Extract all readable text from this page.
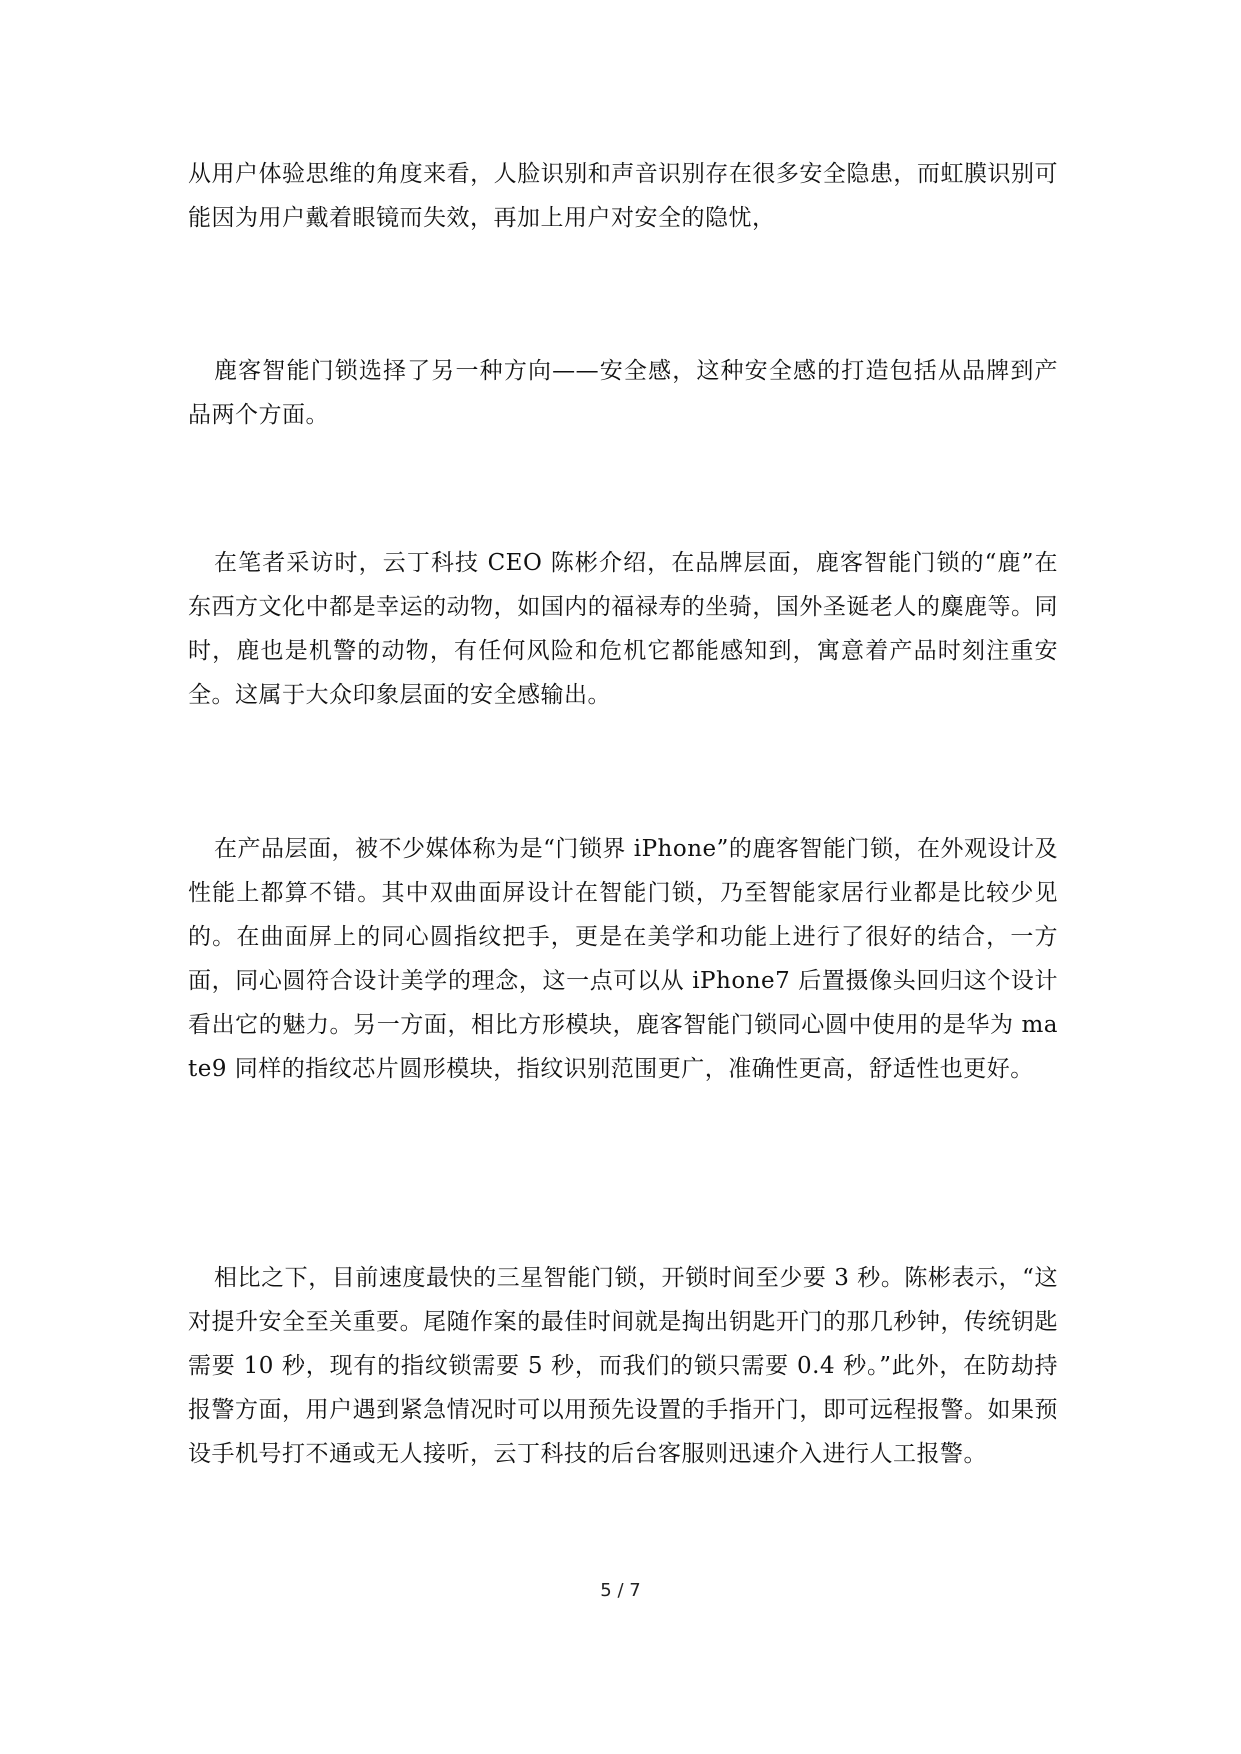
从用户体验思维的角度来看，人脸识别和声音识别存在很多安全隐患，而虹膜识别可能因为用户戴着眼镜而失效，再加上用户对安全的隐忧，

鹿客智能门锁选择了另一种方向——安全感，这种安全感的打造包括从品牌到产品两个方面。

在笔者采访时，云丁科技 CEO 陈彬介绍，在品牌层面，鹿客智能门锁的“鹿”在东西方文化中都是幸运的动物，如国内的福禄寿的坐骑，国外圣诞老人的麋鹿等。同时，鹿也是机警的动物，有任何风险和危机它都能感知到，寓意着产品时刻注重安全。这属于大众印象层面的安全感输出。

在产品层面，被不少媒体称为是“门锁界 iPhone”的鹿客智能门锁，在外观设计及性能上都算不错。其中双曲面屏设计在智能门锁，乃至智能家居行业都是比较少见的。在曲面屏上的同心圆指纹把手，更是在美学和功能上进行了很好的结合，一方面，同心圆符合设计美学的理念，这一点可以从 iPhone7 后置摄像头回归这个设计看出它的魅力。另一方面，相比方形模块，鹿客智能门锁同心圆中使用的是华为 mate9 同样的指纹芯片圆形模块，指纹识别范围更广，准确性更高，舒适性也更好。

相比之下，目前速度最快的三星智能门锁，开锁时间至少要 3 秒。陈彬表示，“这对提升安全至关重要。尾随作案的最佳时间就是掏出钥匙开门的那几秒钟，传统钥匙需要 10 秒，现有的指纹锁需要 5 秒，而我们的锁只需要 0.4 秒。”此外，在防劫持报警方面，用户遇到紧急情况时可以用预先设置的手指开门，即可远程报警。如果预设手机号打不通或无人接听，云丁科技的后台客服则迅速介入进行人工报警。

5 / 7
